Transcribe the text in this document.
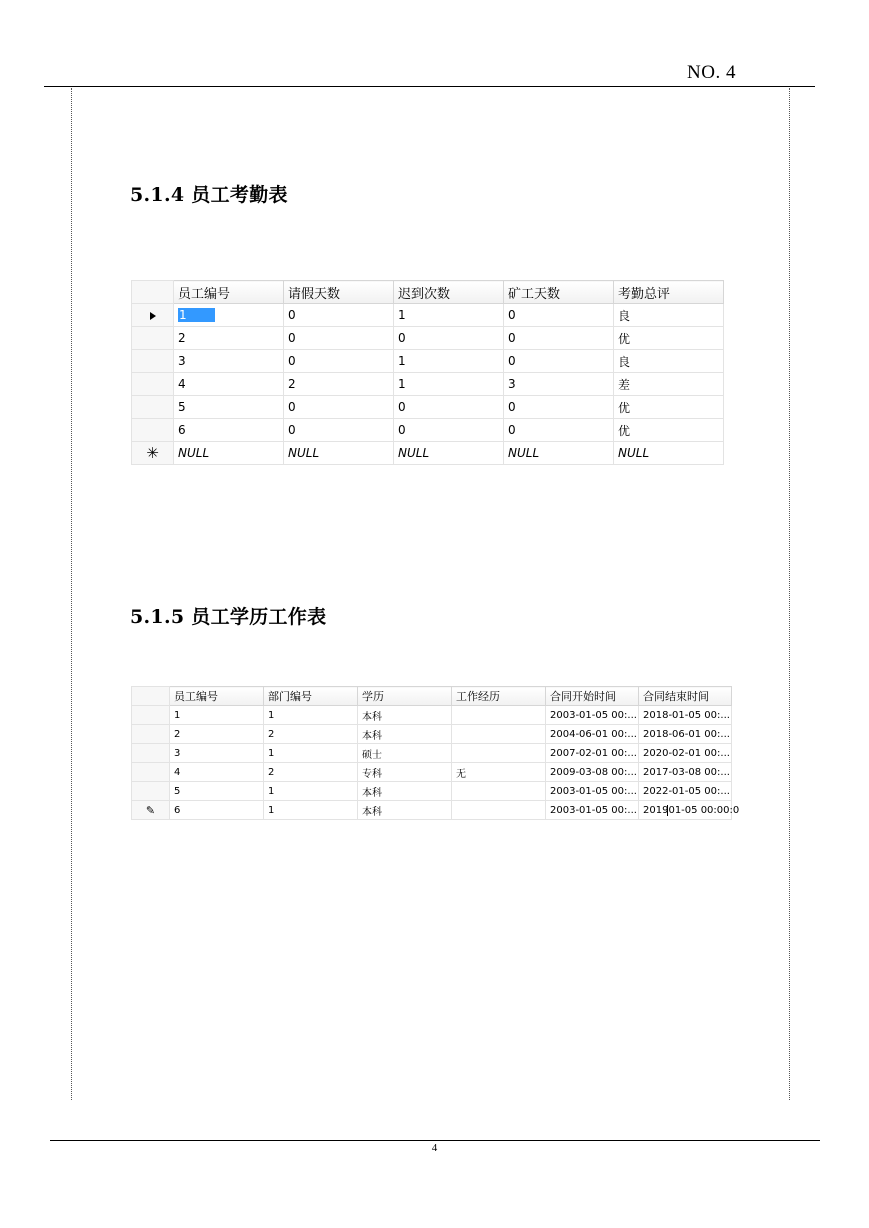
NO. 4
4
5.1.4 员工考勤表
	员工编号	请假天数	迟到次数	矿工天数	考勤总评
	1	0	1	0	良
	2	0	0	0	优
	3	0	1	0	良
	4	2	1	3	差
	5	0	0	0	优
	6	0	0	0	优
✳	NULL	NULL	NULL	NULL	NULL
5.1.5 员工学历工作表
	员工编号	部门编号	学历	工作经历	合同开始时间	合同结束时间
	1	1	本科		2003-01-05 00:...	2018-01-05 00:...
	2	2	本科		2004-06-01 00:...	2018-06-01 00:...
	3	1	硕士		2007-02-01 00:...	2020-02-01 00:...
	4	2	专科	无	2009-03-08 00:...	2017-03-08 00:...
	5	1	本科		2003-01-05 00:...	2022-01-05 00:...
✎	6	1	本科		2003-01-05 00:...	201901-05 00:00:0
